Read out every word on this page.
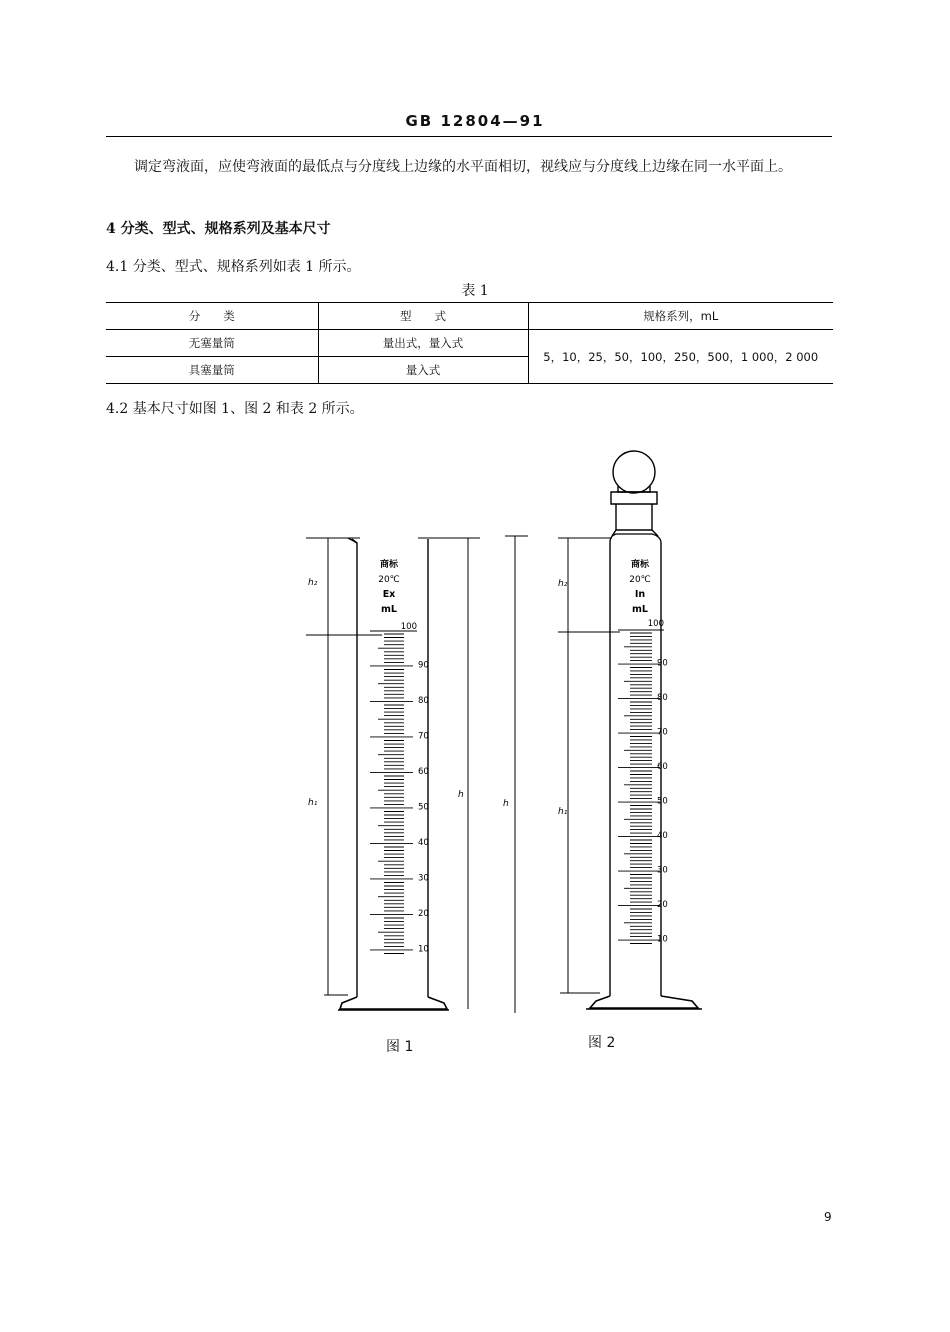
GB 12804—91
调定弯液面，应使弯液面的最低点与分度线上边缘的水平面相切，视线应与分度线上边缘在同一水平面上。
4 分类、型式、规格系列及基本尺寸
4.1 分类、型式、规格系列如表 1 所示。
表 1
分　　类	型　　式	规格系列，mL
无塞量筒	量出式，量入式	5，10，25，50，100，250，500，1 000，2 000
具塞量筒	量入式	
4.2 基本尺寸如图 1、图 2 和表 2 所示。
商标
20℃
Ex
mL
100
90
80
70
60
50
40
30
20
10
h₂
h₁
h
商标
20℃
In
mL
100
90
80
70
60
50
40
30
20
10
h
h₂
h₁
图 1	图 2
9
